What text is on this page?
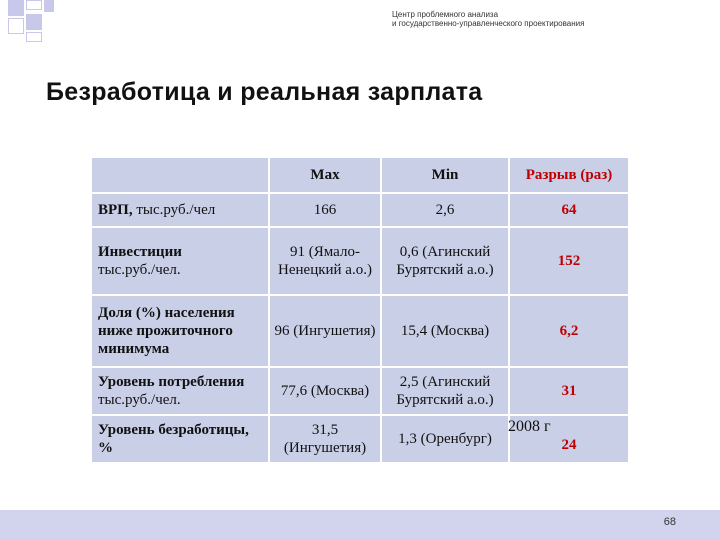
Центр проблемного анализа
и государственно-управленческого проектирования
Безработица и реальная зарплата
	Max	Min	Разрыв (раз)
ВРП, тыс.руб./чел	166	2,6	64

Инвестиции
тыс.руб./чел.	91 (Ямало-Ненецкий а.о.)	0,6 (Агинский Бурятский а.о.)	152
Доля (%) населения ниже прожиточного минимума	96 (Ингушетия)	15,4 (Москва)	6,2

Уровень потребления
тыс.руб./чел.	77,6 (Москва)	2,5 (Агинский Бурятский а.о.)	31
Уровень безработицы, %	31,5 (Ингушетия)	1,3 (Оренбург)	24
2008 г
68
